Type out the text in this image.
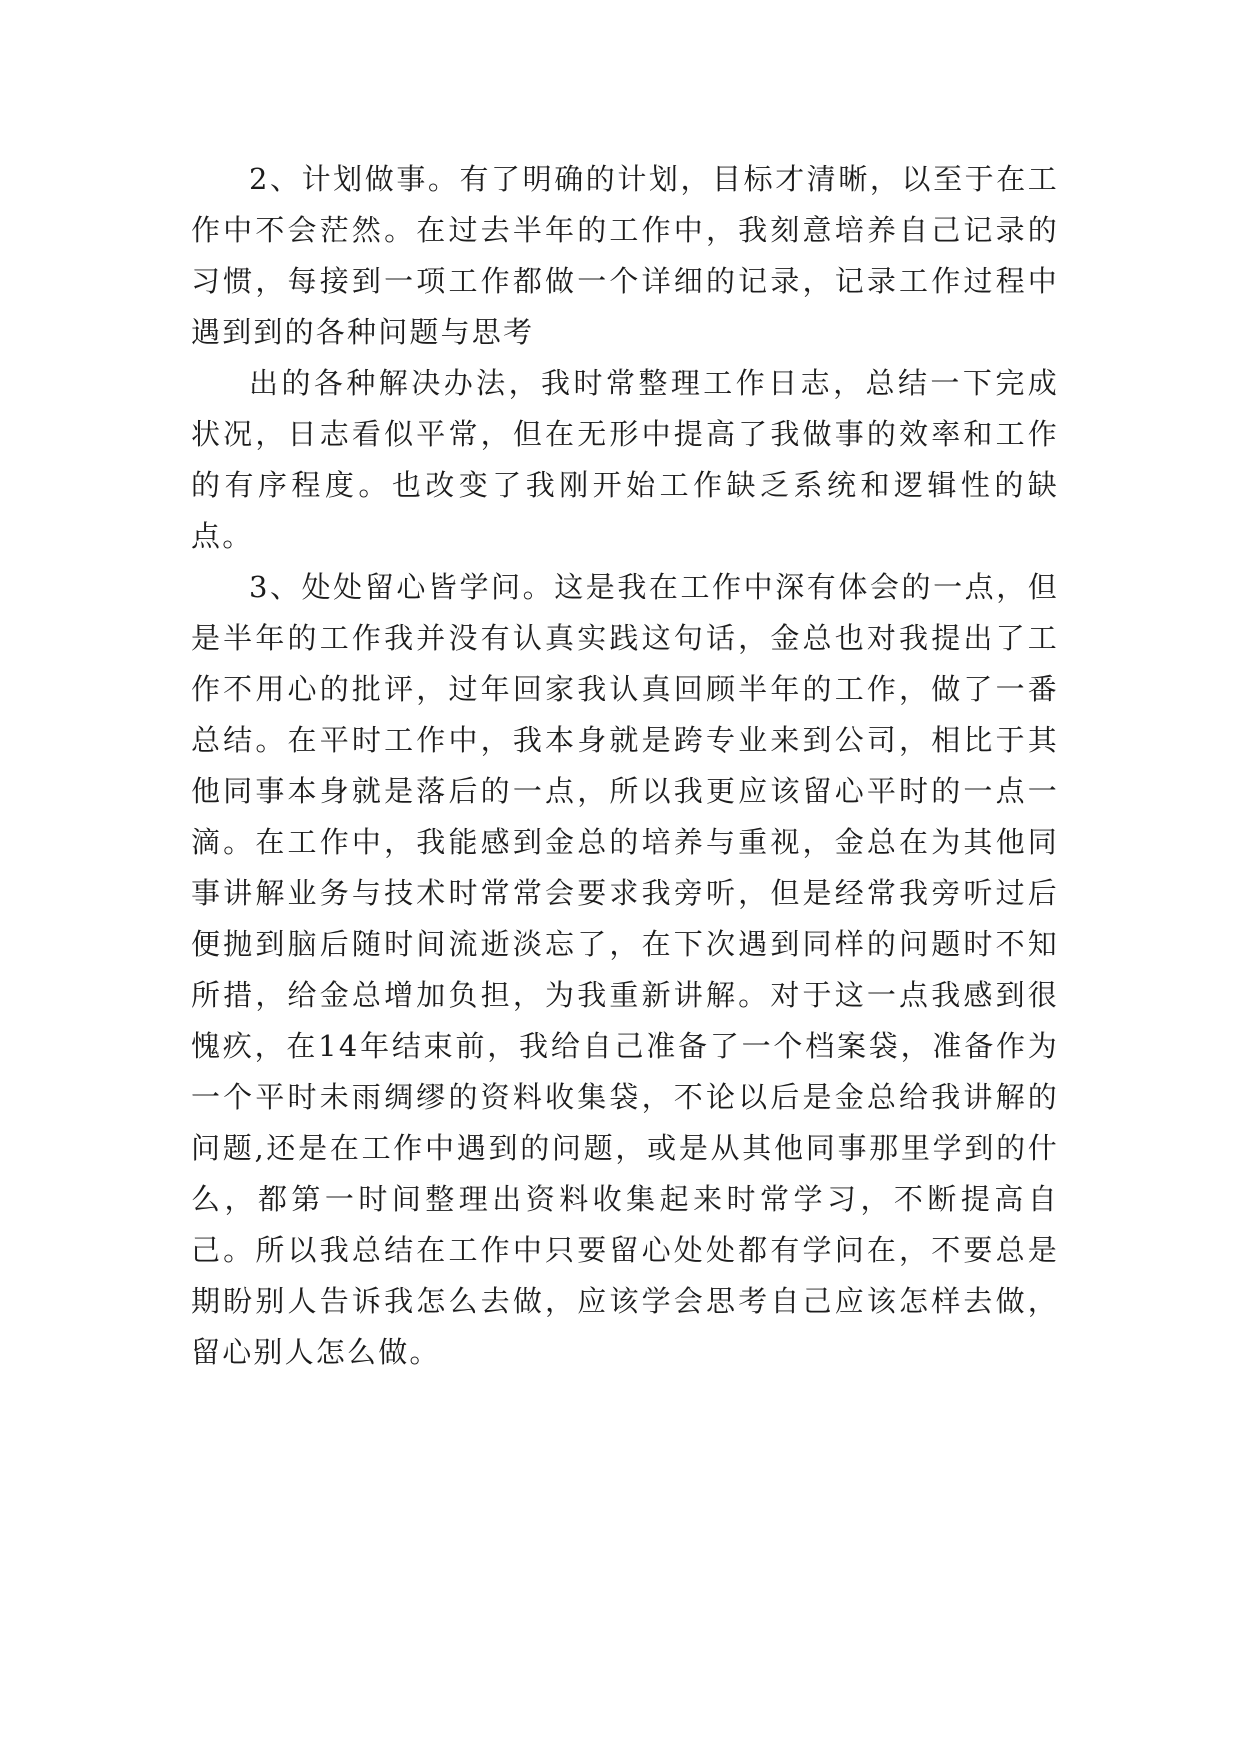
2、计划做事。有了明确的计划，目标才清晰，以至于在工作中不会茫然。在过去半年的工作中，我刻意培养自己记录的习惯，每接到一项工作都做一个详细的记录，记录工作过程中遇到到的各种问题与思考

出的各种解决办法，我时常整理工作日志，总结一下完成状况，日志看似平常，但在无形中提高了我做事的效率和工作的有序程度。也改变了我刚开始工作缺乏系统和逻辑性的缺点。

3、处处留心皆学问。这是我在工作中深有体会的一点，但是半年的工作我并没有认真实践这句话，金总也对我提出了工作不用心的批评，过年回家我认真回顾半年的工作，做了一番总结。在平时工作中，我本身就是跨专业来到公司，相比于其他同事本身就是落后的一点，所以我更应该留心平时的一点一滴。在工作中，我能感到金总的培养与重视，金总在为其他同事讲解业务与技术时常常会要求我旁听，但是经常我旁听过后便抛到脑后随时间流逝淡忘了，在下次遇到同样的问题时不知所措，给金总增加负担，为我重新讲解。对于这一点我感到很愧疚，在14年结束前，我给自己准备了一个档案袋，准备作为一个平时未雨绸缪的资料收集袋，不论以后是金总给我讲解的问题,还是在工作中遇到的问题，或是从其他同事那里学到的什么，都第一时间整理出资料收集起来时常学习，不断提高自己。所以我总结在工作中只要留心处处都有学问在，不要总是期盼别人告诉我怎么去做，应该学会思考自己应该怎样去做，留心别人怎么做。
